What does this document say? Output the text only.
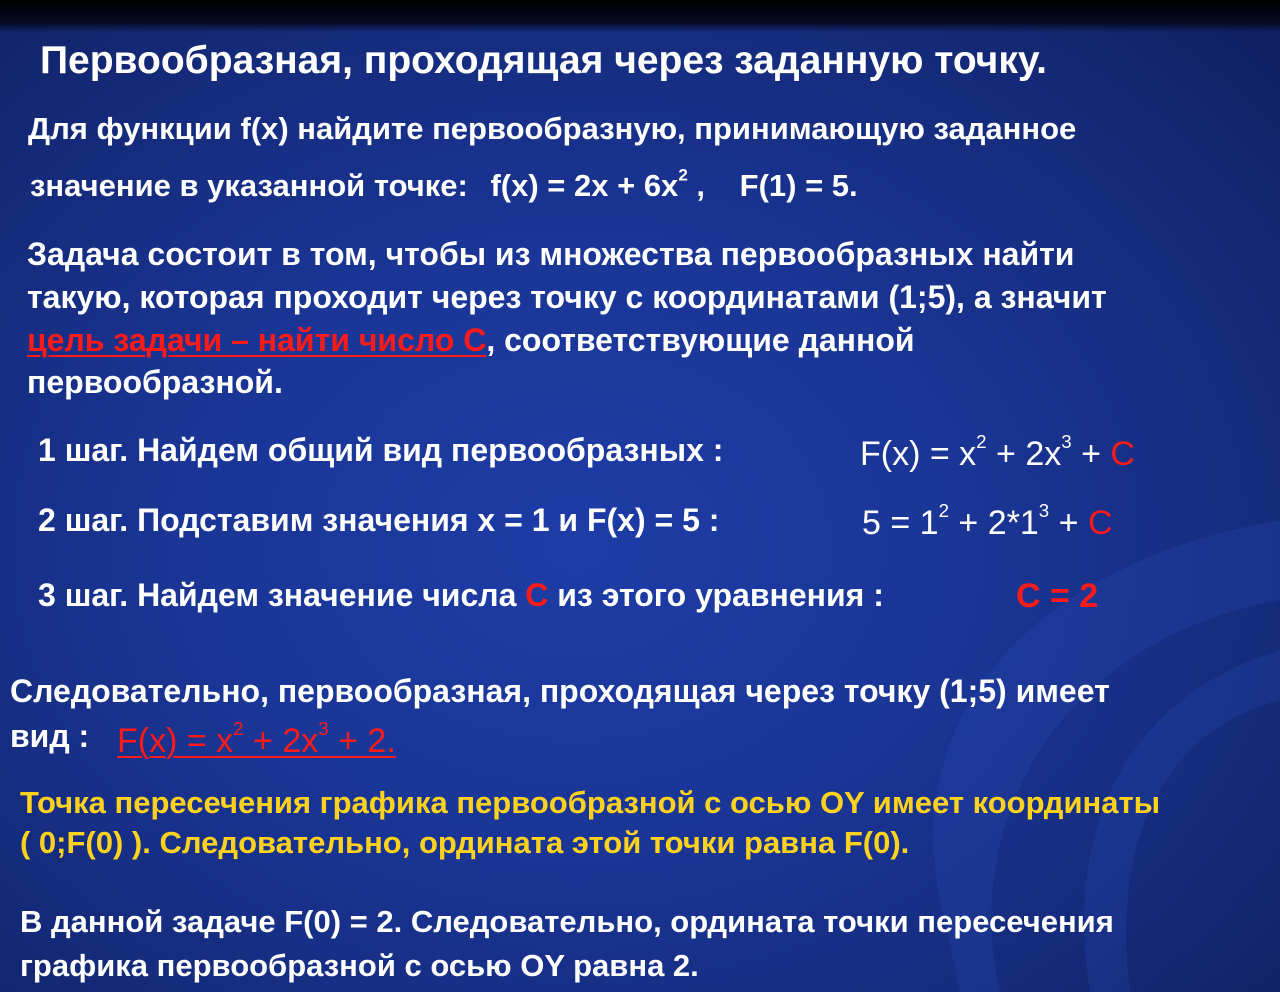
Первообразная, проходящая через заданную точку.
Для функции f(x) найдите первообразную, принимающую заданное
значение в указанной точке: $f(x) = 2x + 6x^2$ , F(1) = 5.
Задача состоит в том, чтобы из множества первообразных найти
такую, которая проходит через точку с координатами (1;5), а значит
цель задачи – найти число С, соответствующие данной
первообразной.
1 шаг. Найдем общий вид первообразных :	$F(x) = x^2 + 2x^3 + C$
2 шаг. Подставим значения x = 1 и F(x) = 5 :	$5 = 1^2 + 2*1^3 + C$
3 шаг. Найдем значение числа С из этого уравнения :	С = 2
Следовательно, первообразная, проходящая через точку (1;5) имеет
вид : $F(x) = x^2 + 2x^3 + 2$.
Точка пересечения графика первообразной с осью OY имеет координаты
( 0;F(0) ). Следовательно, ордината этой точки равна F(0).
В данной задаче F(0) = 2. Следовательно, ордината точки пересечения
графика первообразной с осью OY равна 2.
